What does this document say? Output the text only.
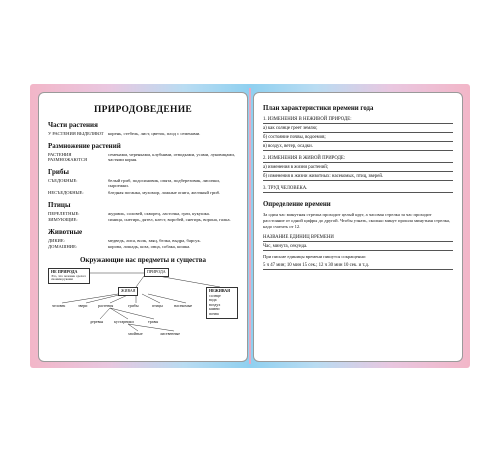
ПРИРОДОВЕДЕНИЕ
Части растения
У РАСТЕНИЯ ВЫДЕЛЯЮТ корень, стебель, лист, цветок, плод с семенами.
Размножение растений
РАСТЕНИЯ РАЗМНОЖАЮТСЯ
семенами, черенками, клубнями, отводками, усами, луковицами, частями корня.
Грибы
СЪЕДОБНЫЕ:	белый гриб, подосиновик, опята, подберезовик, лисички, сыроежки.
НЕСЪЕДОБНЫЕ:	бледная поганка, мухомор, ложные опята, желчный гриб.
Птицы
ПЕРЕЛЕТНЫЕ:	журавль, соловей, скворец, ласточка, грач, кукушка.
ЗИМУЮЩИЕ:	синица, снегирь, дятел, клест, воробей, снегирь, ворона, галка.
Животные
ДИКИЕ:	медведь, лиса, волк, заяц, белка, выдра, барсук.
ДОМАШНИЕ:	корова, лошадь, коза, овца, собака, кошка.
Окружающие нас предметы и существа
НЕ ПРИРОДА
Это, что человек сделал своими руками
ПРИРОДА
ЖИВАЯ	НЕЖИВАЯ
солнце
вода
воздух
камни
почва
человек	звери	растения	грибы	птицы	насекомые
деревья	кустарники	травы
хвойные	лиственные
План характеристики времени года
1. ИЗМЕНЕНИЯ В НЕЖИВОЙ ПРИРОДЕ:
а) как солнце греет землю;
б) состояние почвы, водоемов;
в) воздух, ветер, осадки.
2. ИЗМЕНЕНИЯ В ЖИВОЙ ПРИРОДЕ:
а) изменения в жизни растений;
б) изменения в жизни животных: насекомых, птиц, зверей.
3. ТРУД ЧЕЛОВЕКА.
Определение времени
За один час минутная стрелка проходит целый круг, а часовая стрелка за час проходит расстояние от одной цифры до другой. Чтобы узнать, сколько минут прошла минутная стрелка, надо считать от 12.
НАЗВАНИЕ ЕДИНИЦ ВРЕМЕНИ
Час, минута, секунда.
При письме единицы времени пишутся сокращенно:
5 ч 47 мин; 10 мин 15 сек.; 12 ч 30 мин 10 сек. и т.д.
